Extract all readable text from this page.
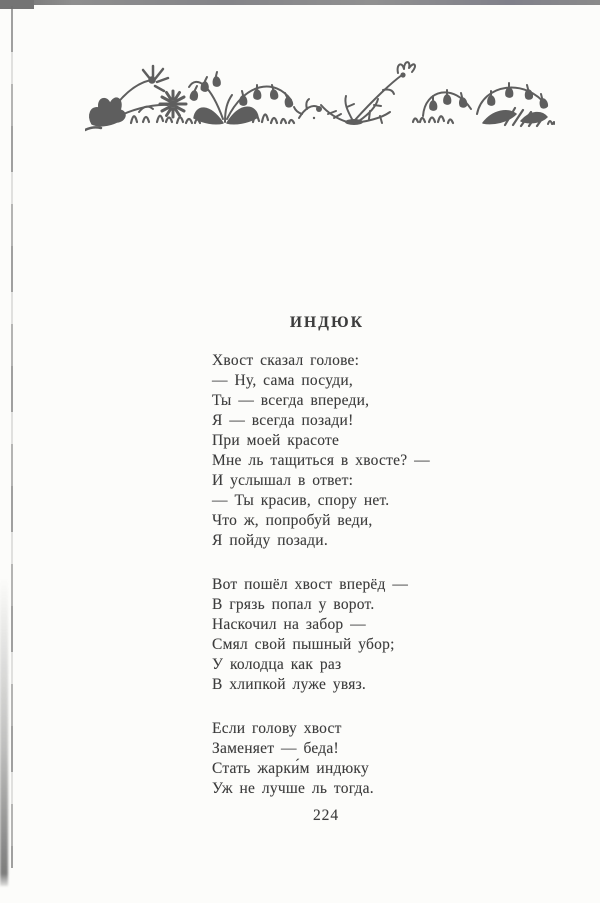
ИНДЮК
Хвост сказал голове:
— Ну, сама посуди,
Ты — всегда впереди,
Я — всегда позади!
При моей красоте
Мне ль тащиться в хвосте? —
И услышал в ответ:
— Ты красив, спору нет.
Что ж, попробуй веди,
Я пойду позади.
Вот пошёл хвост вперёд —
В грязь попал у ворот.
Наскочил на забор —
Смял свой пышный убор;
У колодца как раз
В хлипкой луже увяз.
Если голову хвост
Заменяет — беда!
Стать жарки́м индюку
Уж не лучше ль тогда.
224
